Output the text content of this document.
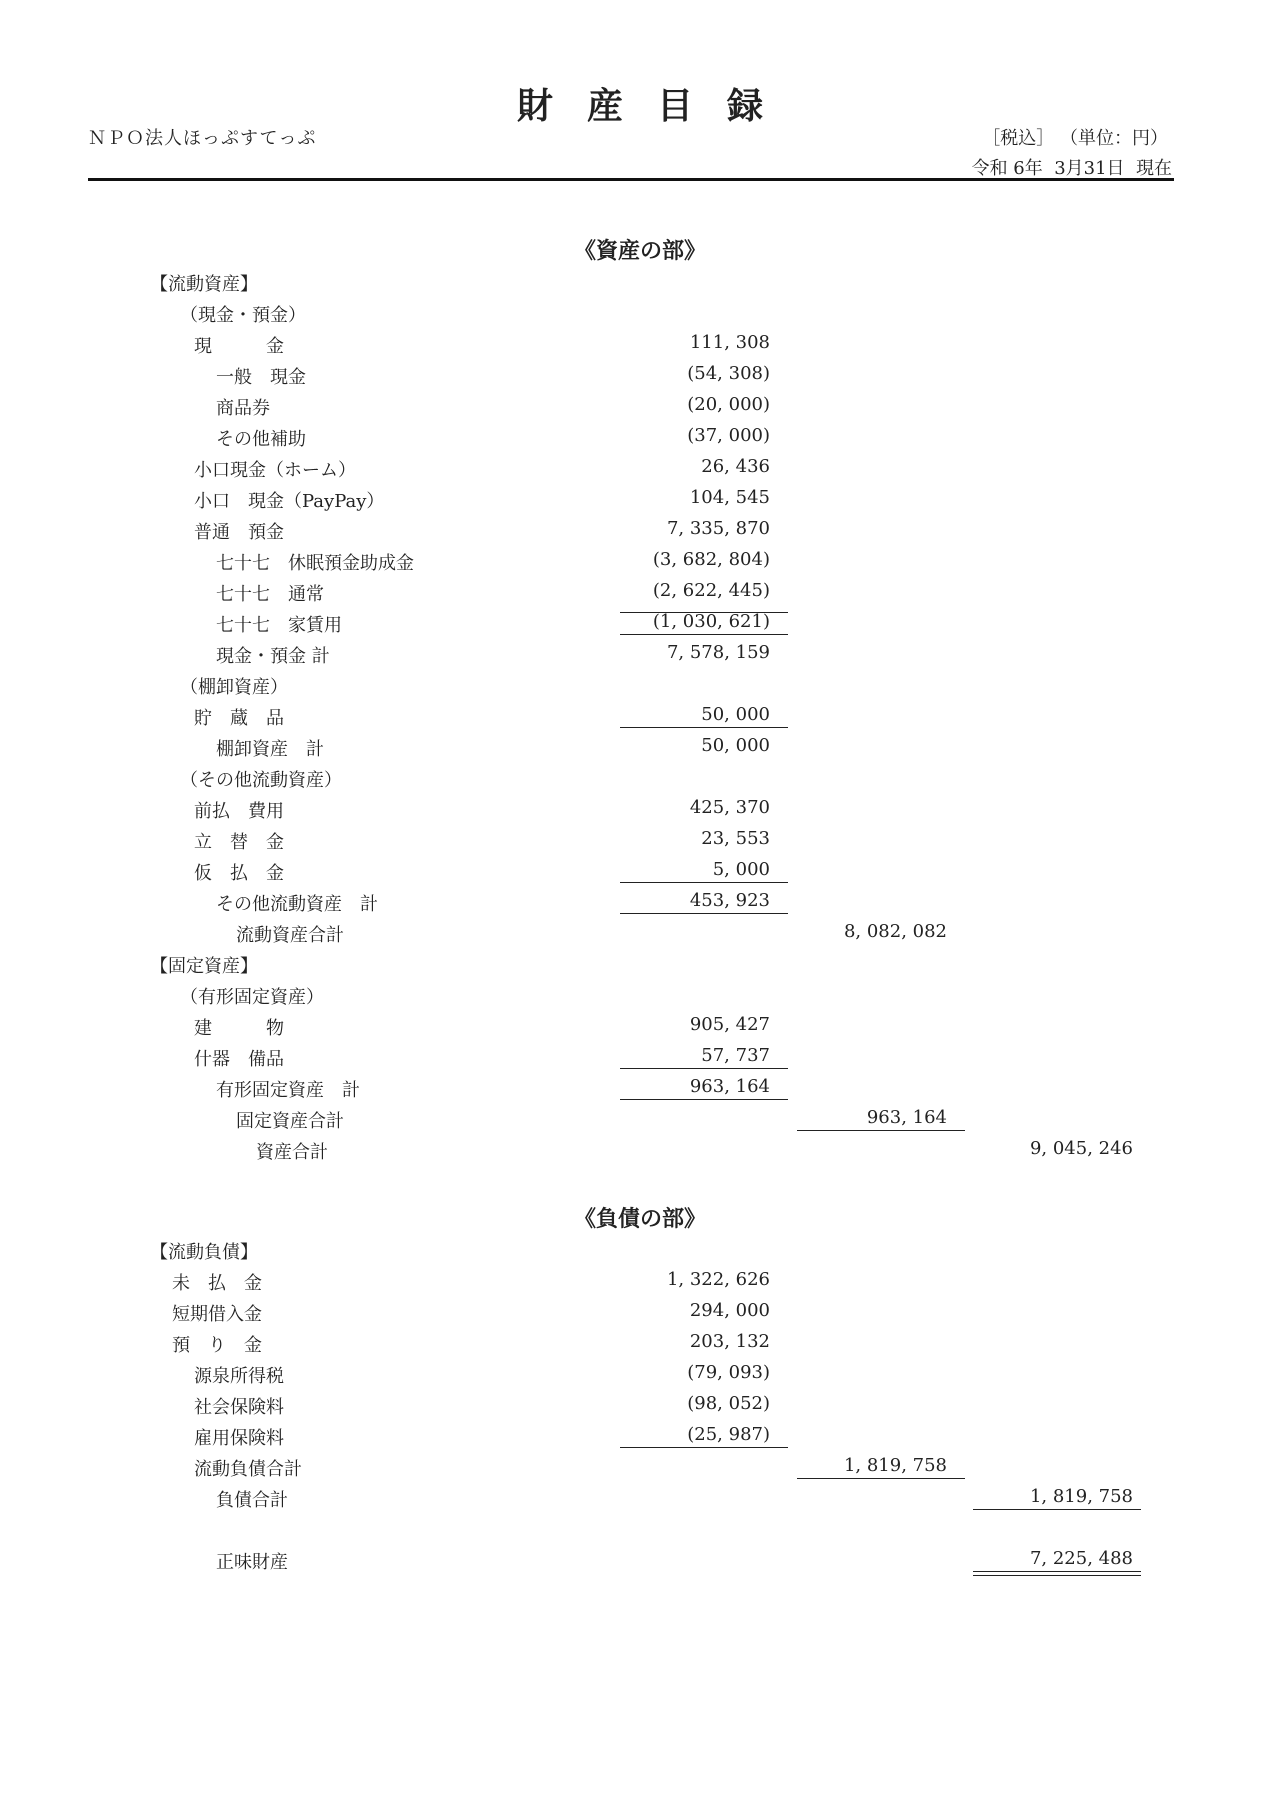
財産目録
ＮＰＯ法人ほっぷすてっぷ	［税込］ （単位：円）
令和 6年  3月31日  現在
《資産の部》
【流動資産】
（現金・預金）
現　　　金	111, 308
一般　現金	(54, 308)
商品券	(20, 000)
その他補助	(37, 000)
小口現金（ホーム）	26, 436
小口　現金（PayPay）	104, 545
普通　預金	7, 335, 870
七十七　休眠預金助成金	(3, 682, 804)
七十七　通常	(2, 622, 445)
七十七　家賃用	(1, 030, 621)
現金・預金 計	7, 578, 159
（棚卸資産）
貯　蔵　品	50, 000
棚卸資産　計	50, 000
（その他流動資産）
前払　費用	425, 370
立　替　金	23, 553
仮　払　金	5, 000
その他流動資産　計	453, 923
流動資産合計	8, 082, 082
【固定資産】
（有形固定資産）
建　　　物	905, 427
什器　備品	57, 737
有形固定資産　計	963, 164
固定資産合計	963, 164
資産合計	9, 045, 246
《負債の部》
【流動負債】
未　払　金	1, 322, 626
短期借入金	294, 000
預　り　金	203, 132
源泉所得税	(79, 093)
社会保険料	(98, 052)
雇用保険料	(25, 987)
流動負債合計	1, 819, 758
負債合計	1, 819, 758
正味財産	7, 225, 488
